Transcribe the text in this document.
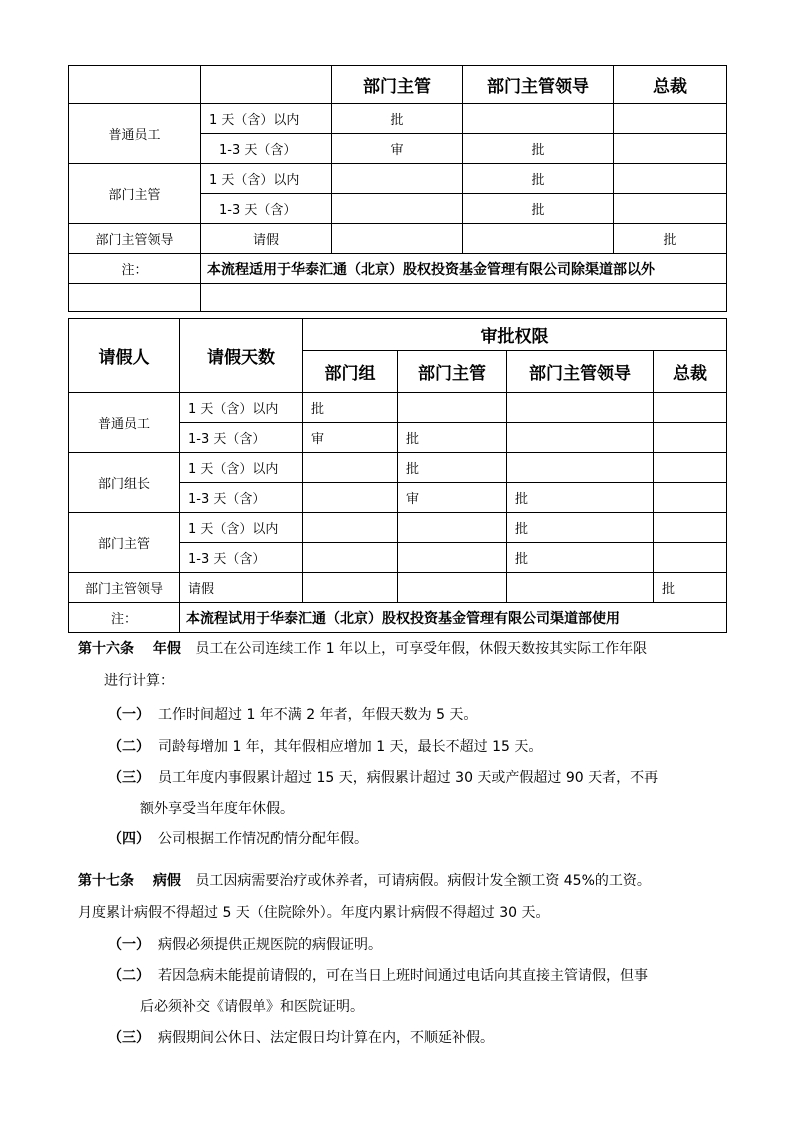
		部门主管	部门主管领导	总裁
普通员工	1 天（含）以内	批		
	1-3 天（含）	审	批	
部门主管	1 天（含）以内		批	
	1-3 天（含）		批	
部门主管领导	请假			批
注：	本流程适用于华泰汇通（北京）股权投资基金管理有限公司除渠道部以外			

请假人	请假天数	审批权限			
		部门组	部门主管	部门主管领导	总裁
普通员工	1 天（含）以内	批			
	1-3 天（含）	审	批		
部门组长	1 天（含）以内		批		
	1-3 天（含）		审	批	
部门主管	1 天（含）以内			批	
	1-3 天（含）			批	
部门主管领导	请假				批
注：	本流程试用于华泰汇通（北京）股权投资基金管理有限公司渠道部使用				
第十六条　 年假 员工在公司连续工作 1 年以上，可享受年假，休假天数按其实际工作年限
进行计算：
（一） 工作时间超过 1 年不满 2 年者，年假天数为 5 天。
（二） 司龄每增加 1 年，其年假相应增加 1 天，最长不超过 15 天。
（三） 员工年度内事假累计超过 15 天，病假累计超过 30 天或产假超过 90 天者，不再
额外享受当年度年休假。
（四） 公司根据工作情况酌情分配年假。
第十七条　 病假 员工因病需要治疗或休养者，可请病假。病假计发全额工资 45%的工资。
月度累计病假不得超过 5 天（住院除外）。年度内累计病假不得超过 30 天。
（一） 病假必须提供正规医院的病假证明。
（二） 若因急病未能提前请假的，可在当日上班时间通过电话向其直接主管请假，但事
后必须补交《请假单》和医院证明。
（三） 病假期间公休日、法定假日均计算在内，不顺延补假。
